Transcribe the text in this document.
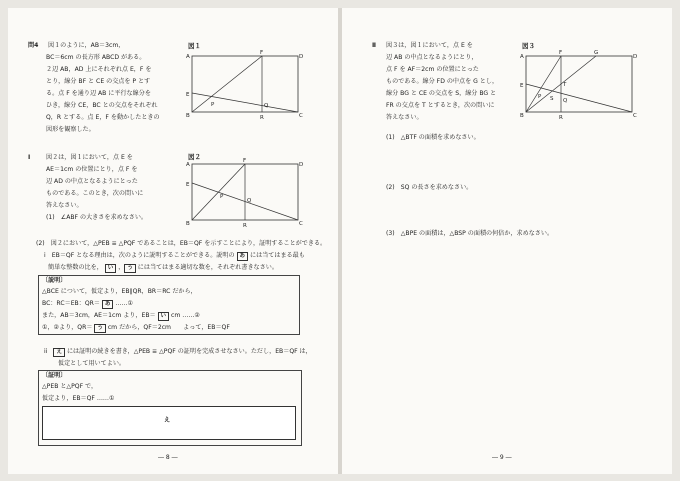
問4 図１のように，AB＝3cm，
BC＝6cm の長方形 ABCD がある。
２辺 AB，AD 上にそれぞれ点 E，F を
とり，線分 BF と CE の交点を P とす
る。点 F を通り辺 AB に平行な線分を
ひき，線分 CE，BC との交点をそれぞれ
Q，R とする。点 E，F を動かしたときの
図形を観察した。
図１
A
B	C
D
E
F
P	Q
R
Ⅰ	図２は，図１において，点 E を
AE＝1cm の位置にとり，点 F を
辺 AD の中点となるようにとった
ものである。このとき，次の問いに
答えなさい。
(1)　∠ABF の大きさを求めなさい。
図２
A
B	C
D
E
F
P
Q
R
(2)　図２において，△PEB ≡ △PQF であることは，EB＝QF を示すことにより，証明することができる。
i　EB＝QF となる理由は，次のように説明することができる。説明の あ には当てはまる最も
簡単な整数の比を， い ， う には当てはまる適切な数を，それぞれ書きなさい。
〔説明〕
△BCE について，仮定より，EB∥QR，BR＝RC だから，
BC：RC＝EB：QR＝ あ ……①
また，AB＝3cm，AE＝1cm より，EB＝ い cm ……②
①，②より，QR＝ う cm だから，QF＝2cm　　よって，EB＝QF
ii　 え には証明の続きを書き，△PEB ≡ △PQF の証明を完成させなさい。ただし，EB＝QF は，
仮定として用いてよい。
〔証明〕
△PEB と△PQF で，
仮定より，EB＝QF ……①
え
― 8 ―
Ⅱ 図３は，図１において，点 E を
辺 AB の中点となるようにとり，
点 F を AF＝2cm の位置にとった
ものである。線分 FD の中点を G とし，
線分 BG と CE の交点を S，線分 BG と
FR の交点を T とするとき，次の問いに
答えなさい。
(1)　△BTF の面積を求めなさい。
(2)　SQ の長さを求めなさい。
(3)　△BPE の面積は，△BSP の面積の何倍か，求めなさい。
図３
A
B	C
D
E
F	G
P
Q
R
S
T
― 9 ―
